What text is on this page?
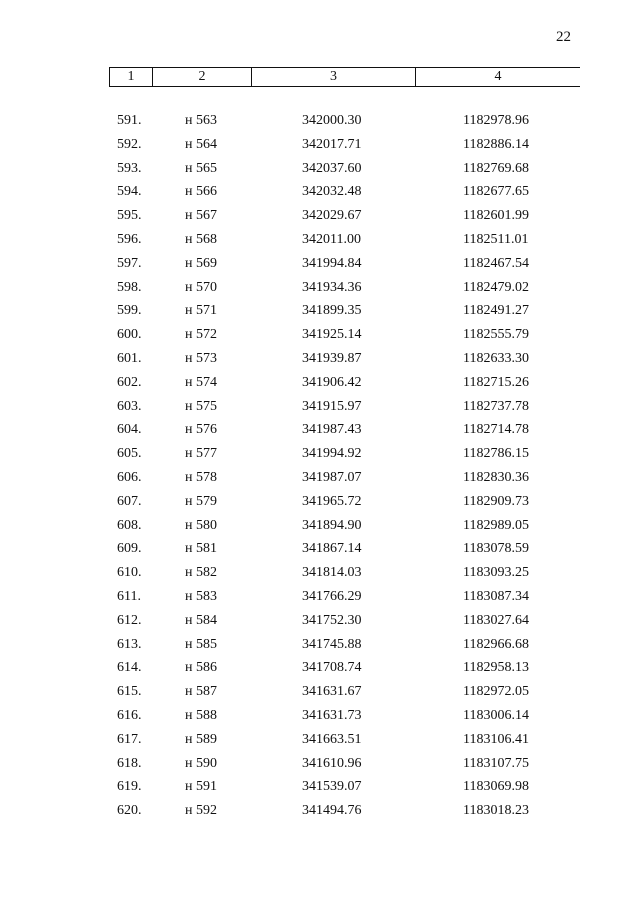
22
1	2	3	4
591.	н 563	342000.30	1182978.96
592.	н 564	342017.71	1182886.14
593.	н 565	342037.60	1182769.68
594.	н 566	342032.48	1182677.65
595.	н 567	342029.67	1182601.99
596.	н 568	342011.00	1182511.01
597.	н 569	341994.84	1182467.54
598.	н 570	341934.36	1182479.02
599.	н 571	341899.35	1182491.27
600.	н 572	341925.14	1182555.79
601.	н 573	341939.87	1182633.30
602.	н 574	341906.42	1182715.26
603.	н 575	341915.97	1182737.78
604.	н 576	341987.43	1182714.78
605.	н 577	341994.92	1182786.15
606.	н 578	341987.07	1182830.36
607.	н 579	341965.72	1182909.73
608.	н 580	341894.90	1182989.05
609.	н 581	341867.14	1183078.59
610.	н 582	341814.03	1183093.25
611.	н 583	341766.29	1183087.34
612.	н 584	341752.30	1183027.64
613.	н 585	341745.88	1182966.68
614.	н 586	341708.74	1182958.13
615.	н 587	341631.67	1182972.05
616.	н 588	341631.73	1183006.14
617.	н 589	341663.51	1183106.41
618.	н 590	341610.96	1183107.75
619.	н 591	341539.07	1183069.98
620.	н 592	341494.76	1183018.23
